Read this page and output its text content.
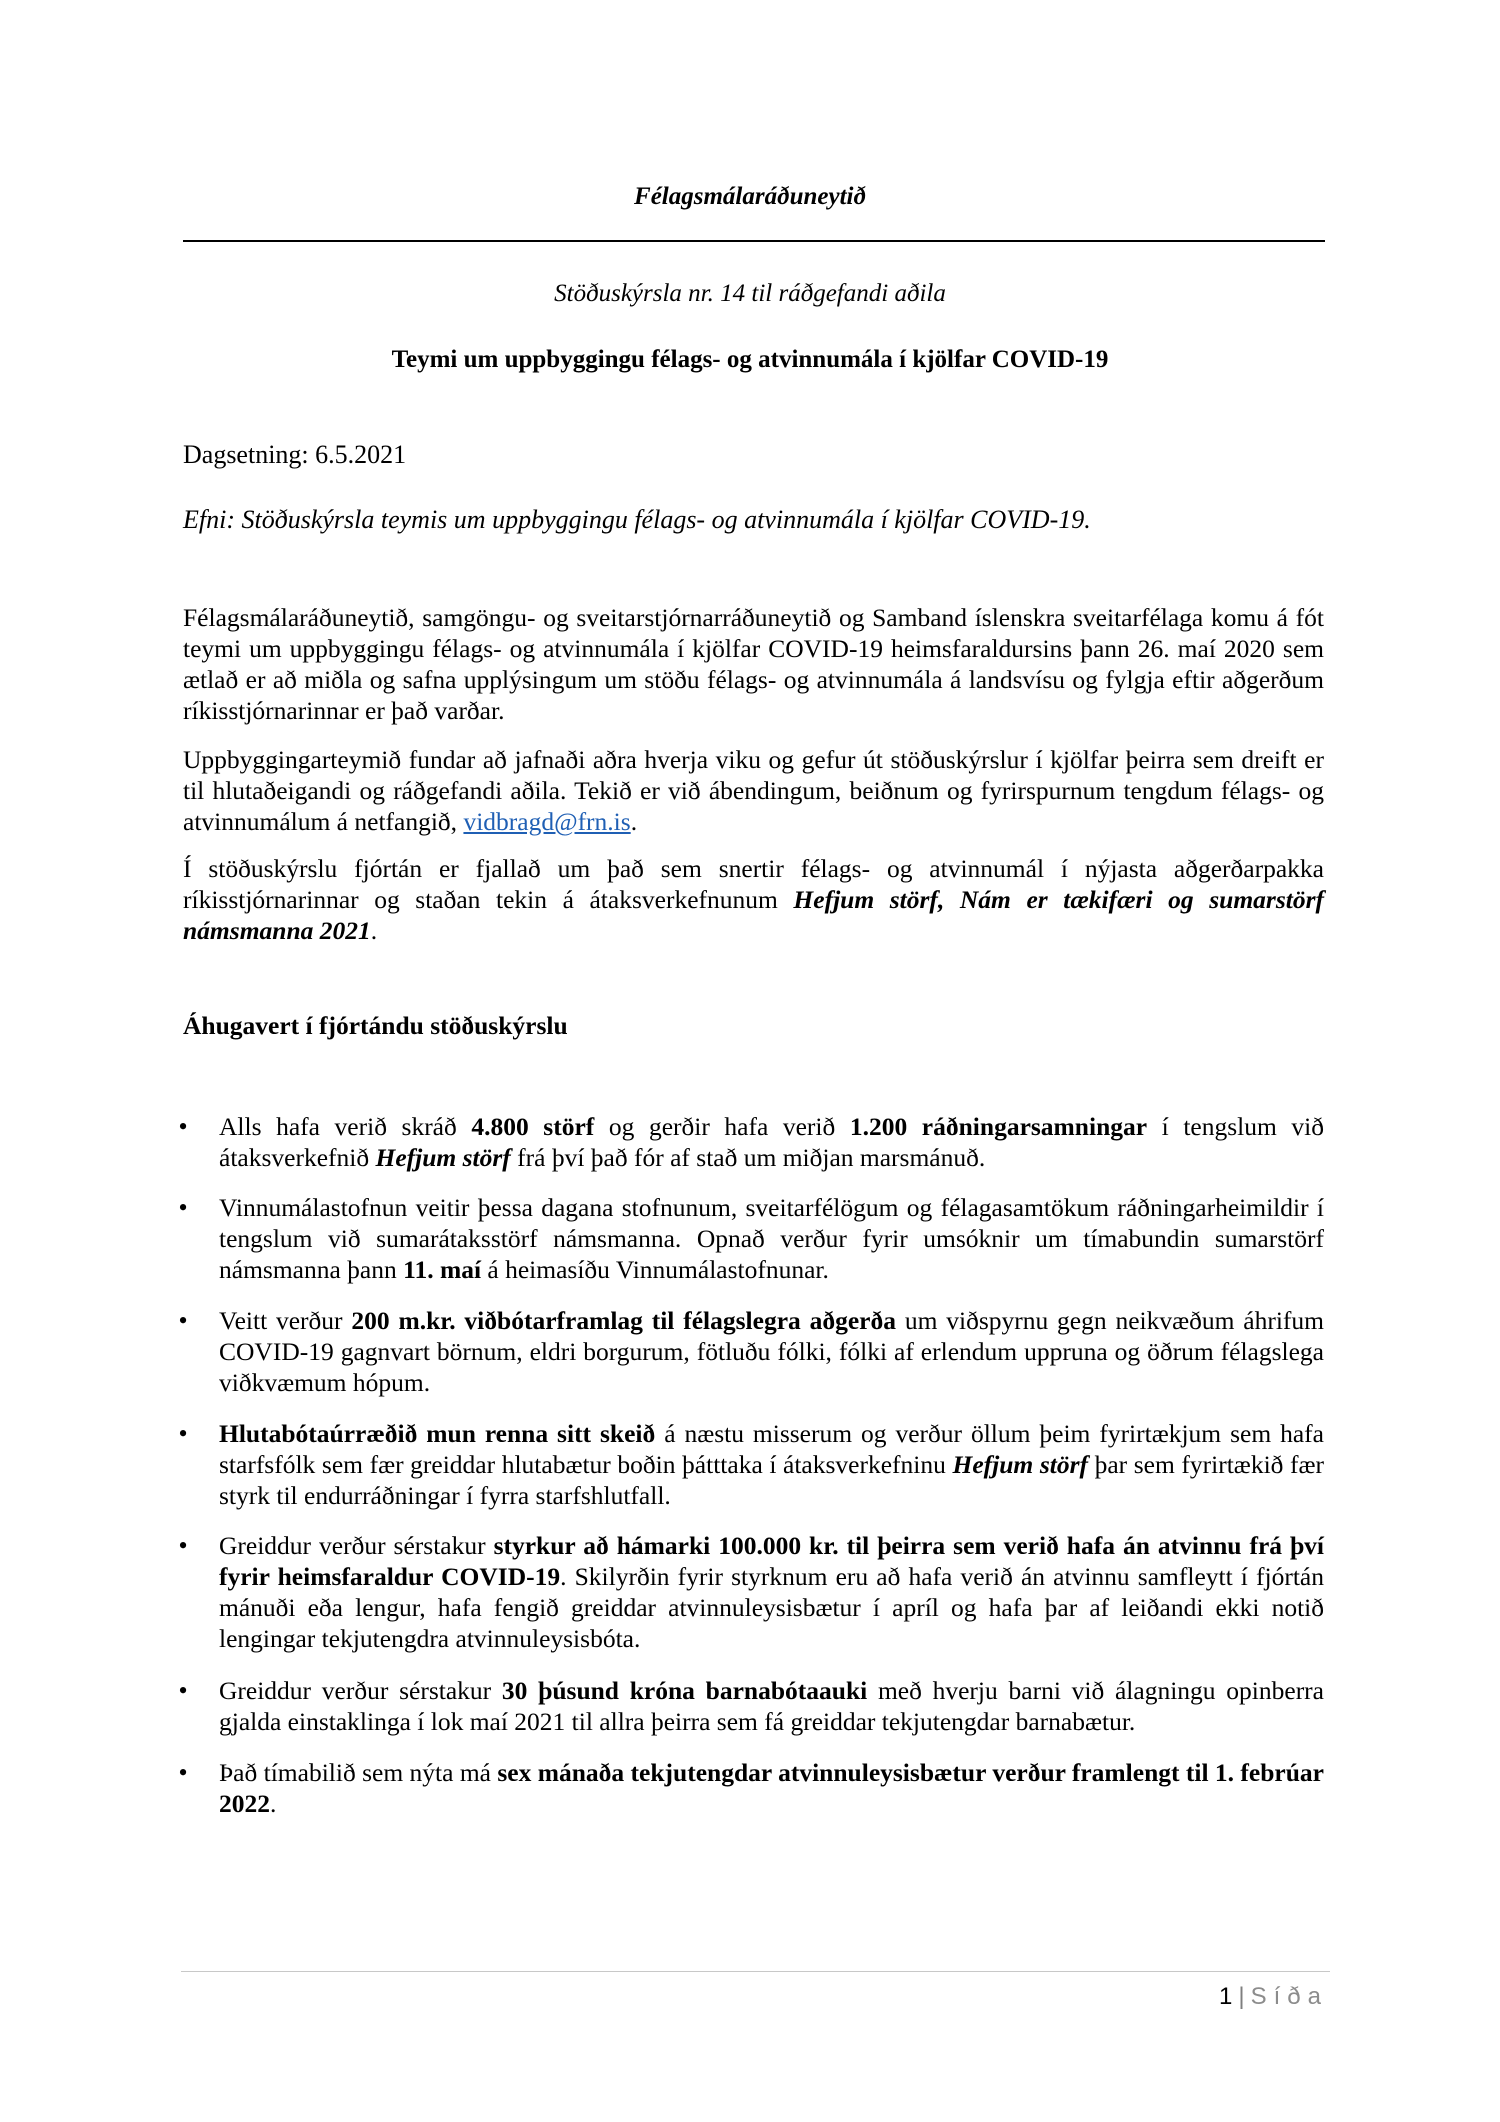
Félagsmálaráðuneytið
Stöðuskýrsla nr. 14 til ráðgefandi aðila
Teymi um uppbyggingu félags- og atvinnumála í kjölfar COVID-19
Dagsetning: 6.5.2021
Efni: Stöðuskýrsla teymis um uppbyggingu félags- og atvinnumála í kjölfar COVID-19.
Félagsmálaráðuneytið, samgöngu- og sveitarstjórnarráðuneytið og Samband íslenskra sveitarfélaga komu á fót teymi um uppbyggingu félags- og atvinnumála í kjölfar COVID-19 heimsfaraldursins þann 26. maí 2020 sem ætlað er að miðla og safna upplýsingum um stöðu félags- og atvinnumála á landsvísu og fylgja eftir aðgerðum ríkisstjórnarinnar er það varðar.
Uppbyggingarteymið fundar að jafnaði aðra hverja viku og gefur út stöðuskýrslur í kjölfar þeirra sem dreift er til hlutaðeigandi og ráðgefandi aðila. Tekið er við ábendingum, beiðnum og fyrirspurnum tengdum félags- og atvinnumálum á netfangið, vidbragd@frn.is.
Í stöðuskýrslu fjórtán er fjallað um það sem snertir félags- og atvinnumál í nýjasta aðgerðarpakka ríkisstjórnarinnar og staðan tekin á átaksverkefnunum Hefjum störf, Nám er tækifæri og sumarstörf námsmanna 2021.
Áhugavert í fjórtándu stöðuskýrslu
• Alls hafa verið skráð 4.800 störf og gerðir hafa verið 1.200 ráðningarsamningar í tengslum við átaksverkefnið Hefjum störf frá því það fór af stað um miðjan marsmánuð.
• Vinnumálastofnun veitir þessa dagana stofnunum, sveitarfélögum og félagasamtökum ráðningarheimildir í tengslum við sumarátaksstörf námsmanna. Opnað verður fyrir umsóknir um tímabundin sumarstörf námsmanna þann 11. maí á heimasíðu Vinnumálastofnunar.
• Veitt verður 200 m.kr. viðbótarframlag til félagslegra aðgerða um viðspyrnu gegn neikvæðum áhrifum COVID-19 gagnvart börnum, eldri borgurum, fötluðu fólki, fólki af erlendum uppruna og öðrum félagslega viðkvæmum hópum.
• Hlutabótaúrræðið mun renna sitt skeið á næstu misserum og verður öllum þeim fyrirtækjum sem hafa starfsfólk sem fær greiddar hlutabætur boðin þátttaka í átaksverkefninu Hefjum störf þar sem fyrirtækið fær styrk til endurráðningar í fyrra starfshlutfall.
• Greiddur verður sérstakur styrkur að hámarki 100.000 kr. til þeirra sem verið hafa án atvinnu frá því fyrir heimsfaraldur COVID-19. Skilyrðin fyrir styrknum eru að hafa verið án atvinnu samfleytt í fjórtán mánuði eða lengur, hafa fengið greiddar atvinnuleysisbætur í apríl og hafa þar af leiðandi ekki notið lengingar tekjutengdra atvinnuleysisbóta.
• Greiddur verður sérstakur 30 þúsund króna barnabótaauki með hverju barni við álagningu opinberra gjalda einstaklinga í lok maí 2021 til allra þeirra sem fá greiddar tekjutengdar barnabætur.
• Það tímabilið sem nýta má sex mánaða tekjutengdar atvinnuleysisbætur verður framlengt til 1. febrúar 2022.
1 | Síða
